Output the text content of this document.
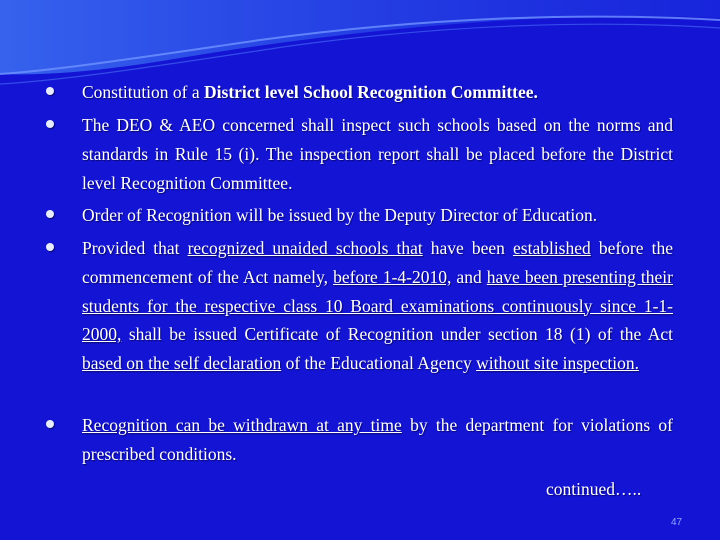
Constitution of a District level School Recognition Committee.
The DEO & AEO concerned shall inspect such schools based on the norms and standards in Rule 15 (i). The inspection report shall be placed before the District level Recognition Committee.
Order of Recognition will be issued by the Deputy Director of Education.
Provided that recognized unaided schools that have been established before the commencement of the Act namely, before 1-4-2010, and have been presenting their students for the respective class 10 Board examinations continuously since 1-1-2000, shall be issued Certificate of Recognition under section 18 (1) of the Act based on the self declaration of the Educational Agency without site inspection.
Recognition can be withdrawn at any time by the department for violations of prescribed conditions.
continued…..
47
